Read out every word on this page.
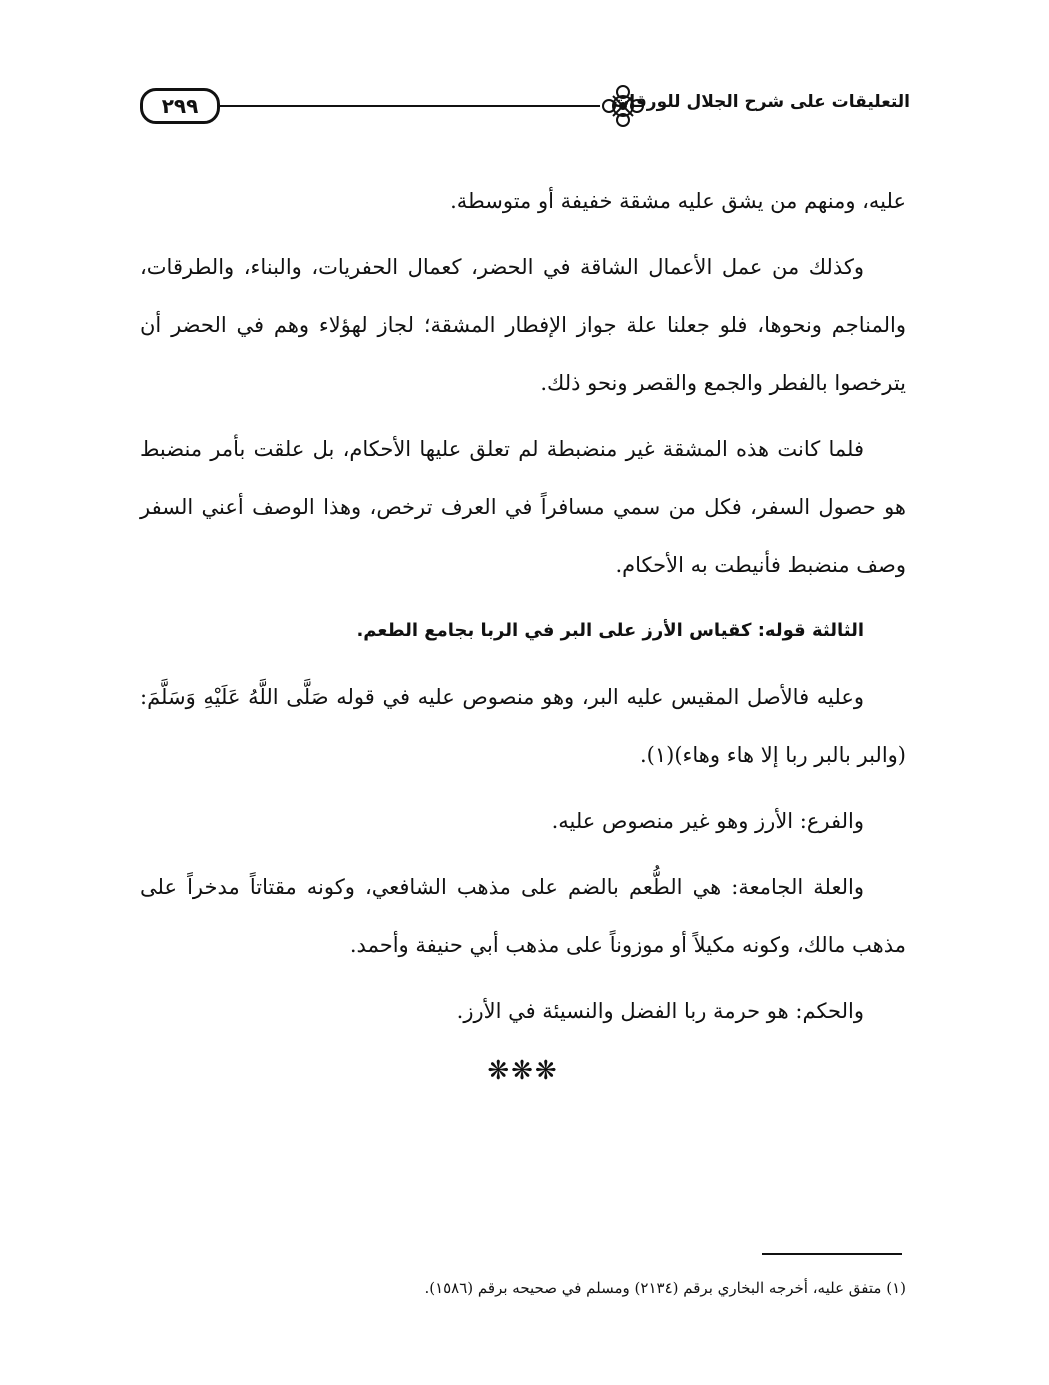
٢٩٩	التعليقات على شرح الجلال للورقات

عليه، ومنهم من يشق عليه مشقة خفيفة أو متوسطة.

وكذلك من عمل الأعمال الشاقة في الحضر، كعمال الحفريات، والبناء، والطرقات، والمناجم ونحوها، فلو جعلنا علة جواز الإفطار المشقة؛ لجاز لهؤلاء وهم في الحضر أن يترخصوا بالفطر والجمع والقصر ونحو ذلك.

فلما كانت هذه المشقة غير منضبطة لم تعلق عليها الأحكام، بل علقت بأمر منضبط هو حصول السفر، فكل من سمي مسافراً في العرف ترخص، وهذا الوصف أعني السفر وصف منضبط فأنيطت به الأحكام.

الثالثة قوله: كقياس الأرز على البر في الربا بجامع الطعم.

وعليه فالأصل المقيس عليه البر، وهو منصوص عليه في قوله صَلَّى اللَّهُ عَلَيْهِ وَسَلَّمَ: (والبر بالبر ربا إلا هاء وهاء)(١).

والفرع: الأرز وهو غير منصوص عليه.

والعلة الجامعة: هي الطُّعم بالضم على مذهب الشافعي، وكونه مقتاتاً مدخراً على مذهب مالك، وكونه مكيلاً أو موزوناً على مذهب أبي حنيفة وأحمد.

والحكم: هو حرمة ربا الفضل والنسيئة في الأرز.

❋❋❋
(١) متفق عليه، أخرجه البخاري برقم (٢١٣٤) ومسلم في صحيحه برقم (١٥٨٦).
